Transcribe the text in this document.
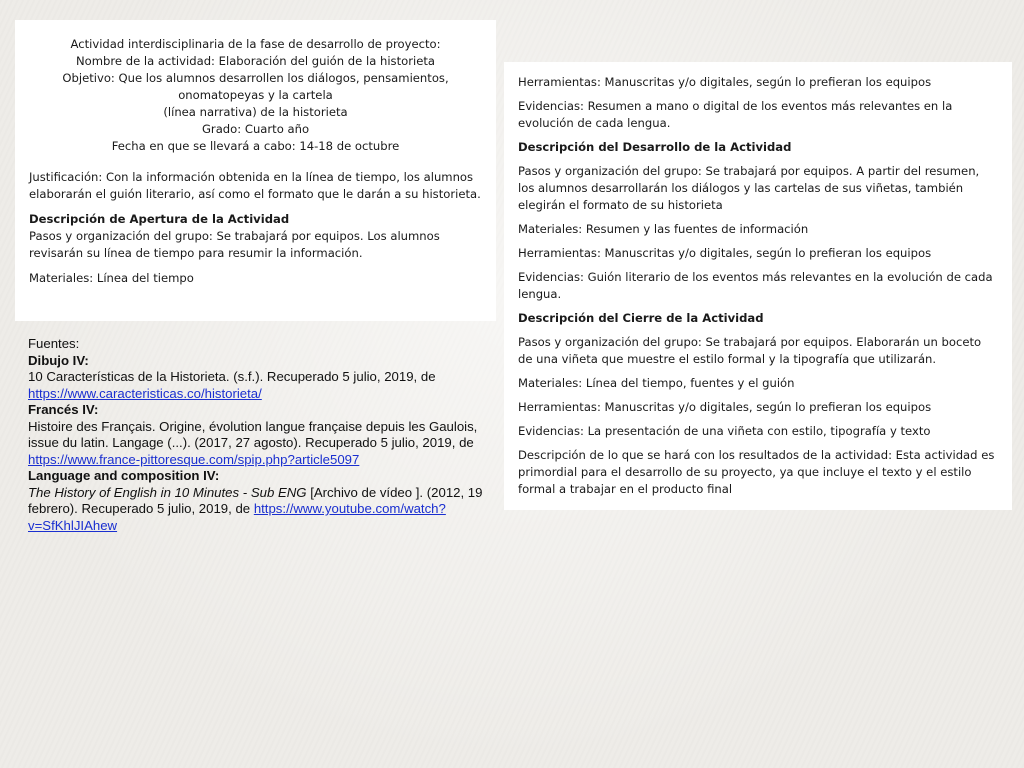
Actividad interdisciplinaria de la fase de desarrollo de proyecto:
Nombre de la actividad: Elaboración del guión de la historieta
Objetivo: Que los alumnos desarrollen los diálogos, pensamientos, onomatopeyas y la cartela
(línea narrativa) de la historieta
Grado: Cuarto año
Fecha en que se llevará a cabo: 14-18 de octubre
Justificación: Con la información obtenida en la línea de tiempo, los alumnos elaborarán el guión literario, así como el formato que le darán a su historieta.
Descripción de Apertura de la Actividad
Pasos y organización del grupo: Se trabajará por equipos. Los alumnos revisarán su línea de tiempo para resumir la información.
Materiales: Línea del tiempo
Herramientas: Manuscritas y/o digitales, según lo prefieran los equipos
Evidencias: Resumen a mano o digital de los eventos más relevantes en la evolución de cada lengua.
Descripción del Desarrollo de la Actividad
Pasos y organización del grupo: Se trabajará por equipos. A partir del resumen, los alumnos desarrollarán los diálogos y las cartelas de sus viñetas, también elegirán el formato de su historieta
Materiales: Resumen y las fuentes de información
Herramientas: Manuscritas y/o digitales, según lo prefieran los equipos
Evidencias: Guión literario de los eventos más relevantes en la evolución de cada lengua.
Descripción del Cierre de la Actividad
Pasos y organización del grupo: Se trabajará por equipos. Elaborarán un boceto de una viñeta que muestre el estilo formal y la tipografía que utilizarán.
Materiales: Línea del tiempo, fuentes y el guión
Herramientas: Manuscritas y/o digitales, según lo prefieran los equipos
Evidencias: La presentación de una viñeta con estilo, tipografía y texto
Descripción de lo que se hará con los resultados de la actividad: Esta actividad es primordial para el desarrollo de su proyecto, ya que incluye el texto y el estilo formal a trabajar en el producto final
Fuentes:
Dibujo IV:
10 Características de la Historieta. (s.f.). Recuperado 5 julio, 2019, de https://www.caracteristicas.co/historieta/
Francés IV:
Histoire des Français. Origine, évolution langue française depuis les Gaulois, issue du latin. Langage (...). (2017, 27 agosto). Recuperado 5 julio, 2019, de https://www.france-pittoresque.com/spip.php?article5097
Language and composition IV:
The History of English in 10 Minutes - Sub ENG [Archivo de vídeo ]. (2012, 19 febrero). Recuperado 5 julio, 2019, de https://www.youtube.com/watch?v=SfKhlJIAhew
